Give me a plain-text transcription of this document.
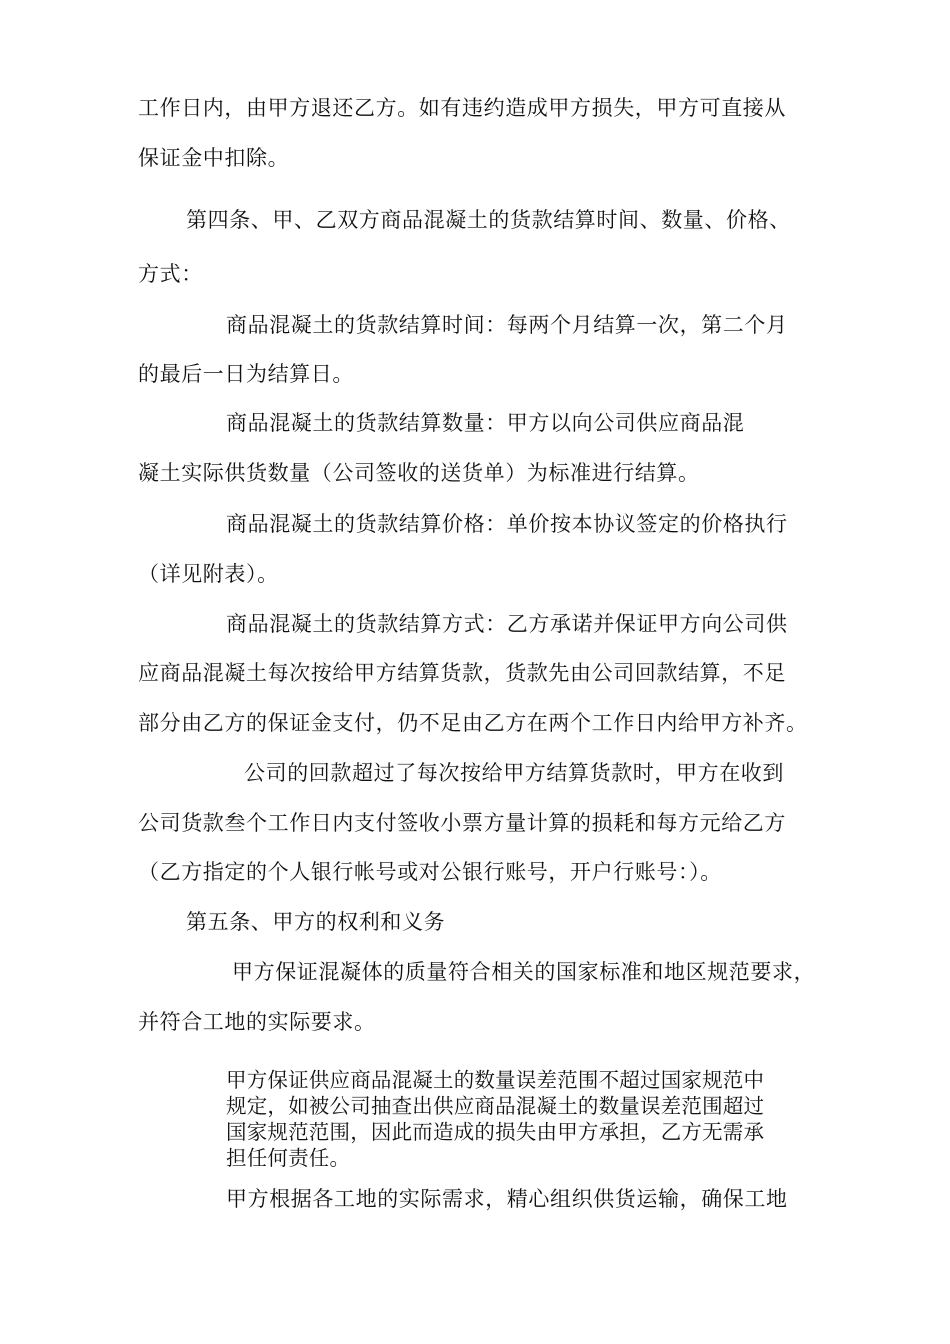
工作日内，由甲方退还乙方。如有违约造成甲方损失，甲方可直接从

保证金中扣除。

第四条、甲、乙双方商品混凝土的货款结算时间、数量、价格、

方式：

商品混凝土的货款结算时间：每两个月结算一次，第二个月

的最后一日为结算日。

商品混凝土的货款结算数量：甲方以向公司供应商品混

凝土实际供货数量（公司签收的送货单）为标准进行结算。

商品混凝土的货款结算价格：单价按本协议签定的价格执行

（详见附表）。

商品混凝土的货款结算方式：乙方承诺并保证甲方向公司供

应商品混凝土每次按给甲方结算货款，货款先由公司回款结算，不足

部分由乙方的保证金支付，仍不足由乙方在两个工作日内给甲方补齐。

公司的回款超过了每次按给甲方结算货款时，甲方在收到

公司货款叁个工作日内支付签收小票方量计算的损耗和每方元给乙方

（乙方指定的个人银行帐号或对公银行账号，开户行账号：）。

第五条、甲方的权利和义务

甲方保证混凝体的质量符合相关的国家标准和地区规范要求，

并符合工地的实际要求。

甲方保证供应商品混凝土的数量误差范围不超过国家规范中

规定，如被公司抽查出供应商品混凝土的数量误差范围超过

国家规范范围，因此而造成的损失由甲方承担，乙方无需承

担任何责任。

甲方根据各工地的实际需求，精心组织供货运输，确保工地
